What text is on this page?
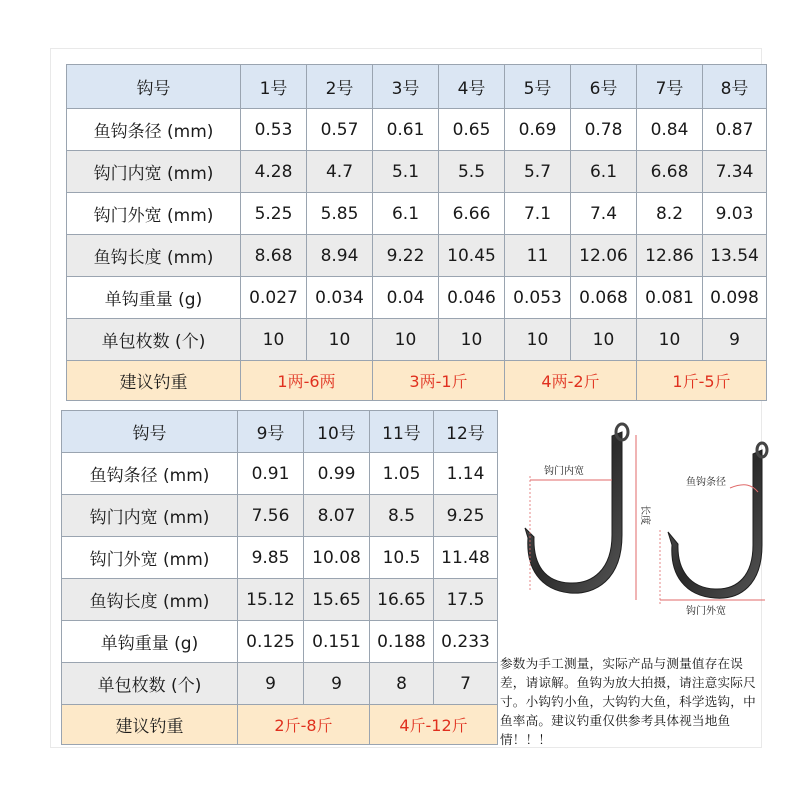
钩号	1号	2号	3号	4号	5号	6号	7号	8号
鱼钩条径 (mm)	0.53	0.57	0.61	0.65	0.69	0.78	0.84	0.87
钩门内宽 (mm)	4.28	4.7	5.1	5.5	5.7	6.1	6.68	7.34
钩门外宽 (mm)	5.25	5.85	6.1	6.66	7.1	7.4	8.2	9.03
鱼钩长度 (mm)	8.68	8.94	9.22	10.45	11	12.06	12.86	13.54
单钩重量 (g)	0.027	0.034	0.04	0.046	0.053	0.068	0.081	0.098
单包枚数 (个)	10	10	10	10	10	10	10	9
建议钓重	1两-6两		3两-1斤		4两-2斤		1斤-5斤	
钩号	9号	10号	11号	12号
鱼钩条径 (mm)	0.91	0.99	1.05	1.14
钩门内宽 (mm)	7.56	8.07	8.5	9.25
钩门外宽 (mm)	9.85	10.08	10.5	11.48
鱼钩长度 (mm)	15.12	15.65	16.65	17.5
单钩重量 (g)	0.125	0.151	0.188	0.233
单包枚数 (个)	9	9	8	7
建议钓重	2斤-8斤		4斤-12斤	
钩门内宽
长度
鱼钩条径
钩门外宽
参数为手工测量，实际产品与测量值存在误差，请谅解。鱼钩为放大拍摄，请注意实际尺寸。小钩钓小鱼，大钩钓大鱼，科学选钩，中鱼率高。建议钓重仅供参考具体视当地鱼情！！！
